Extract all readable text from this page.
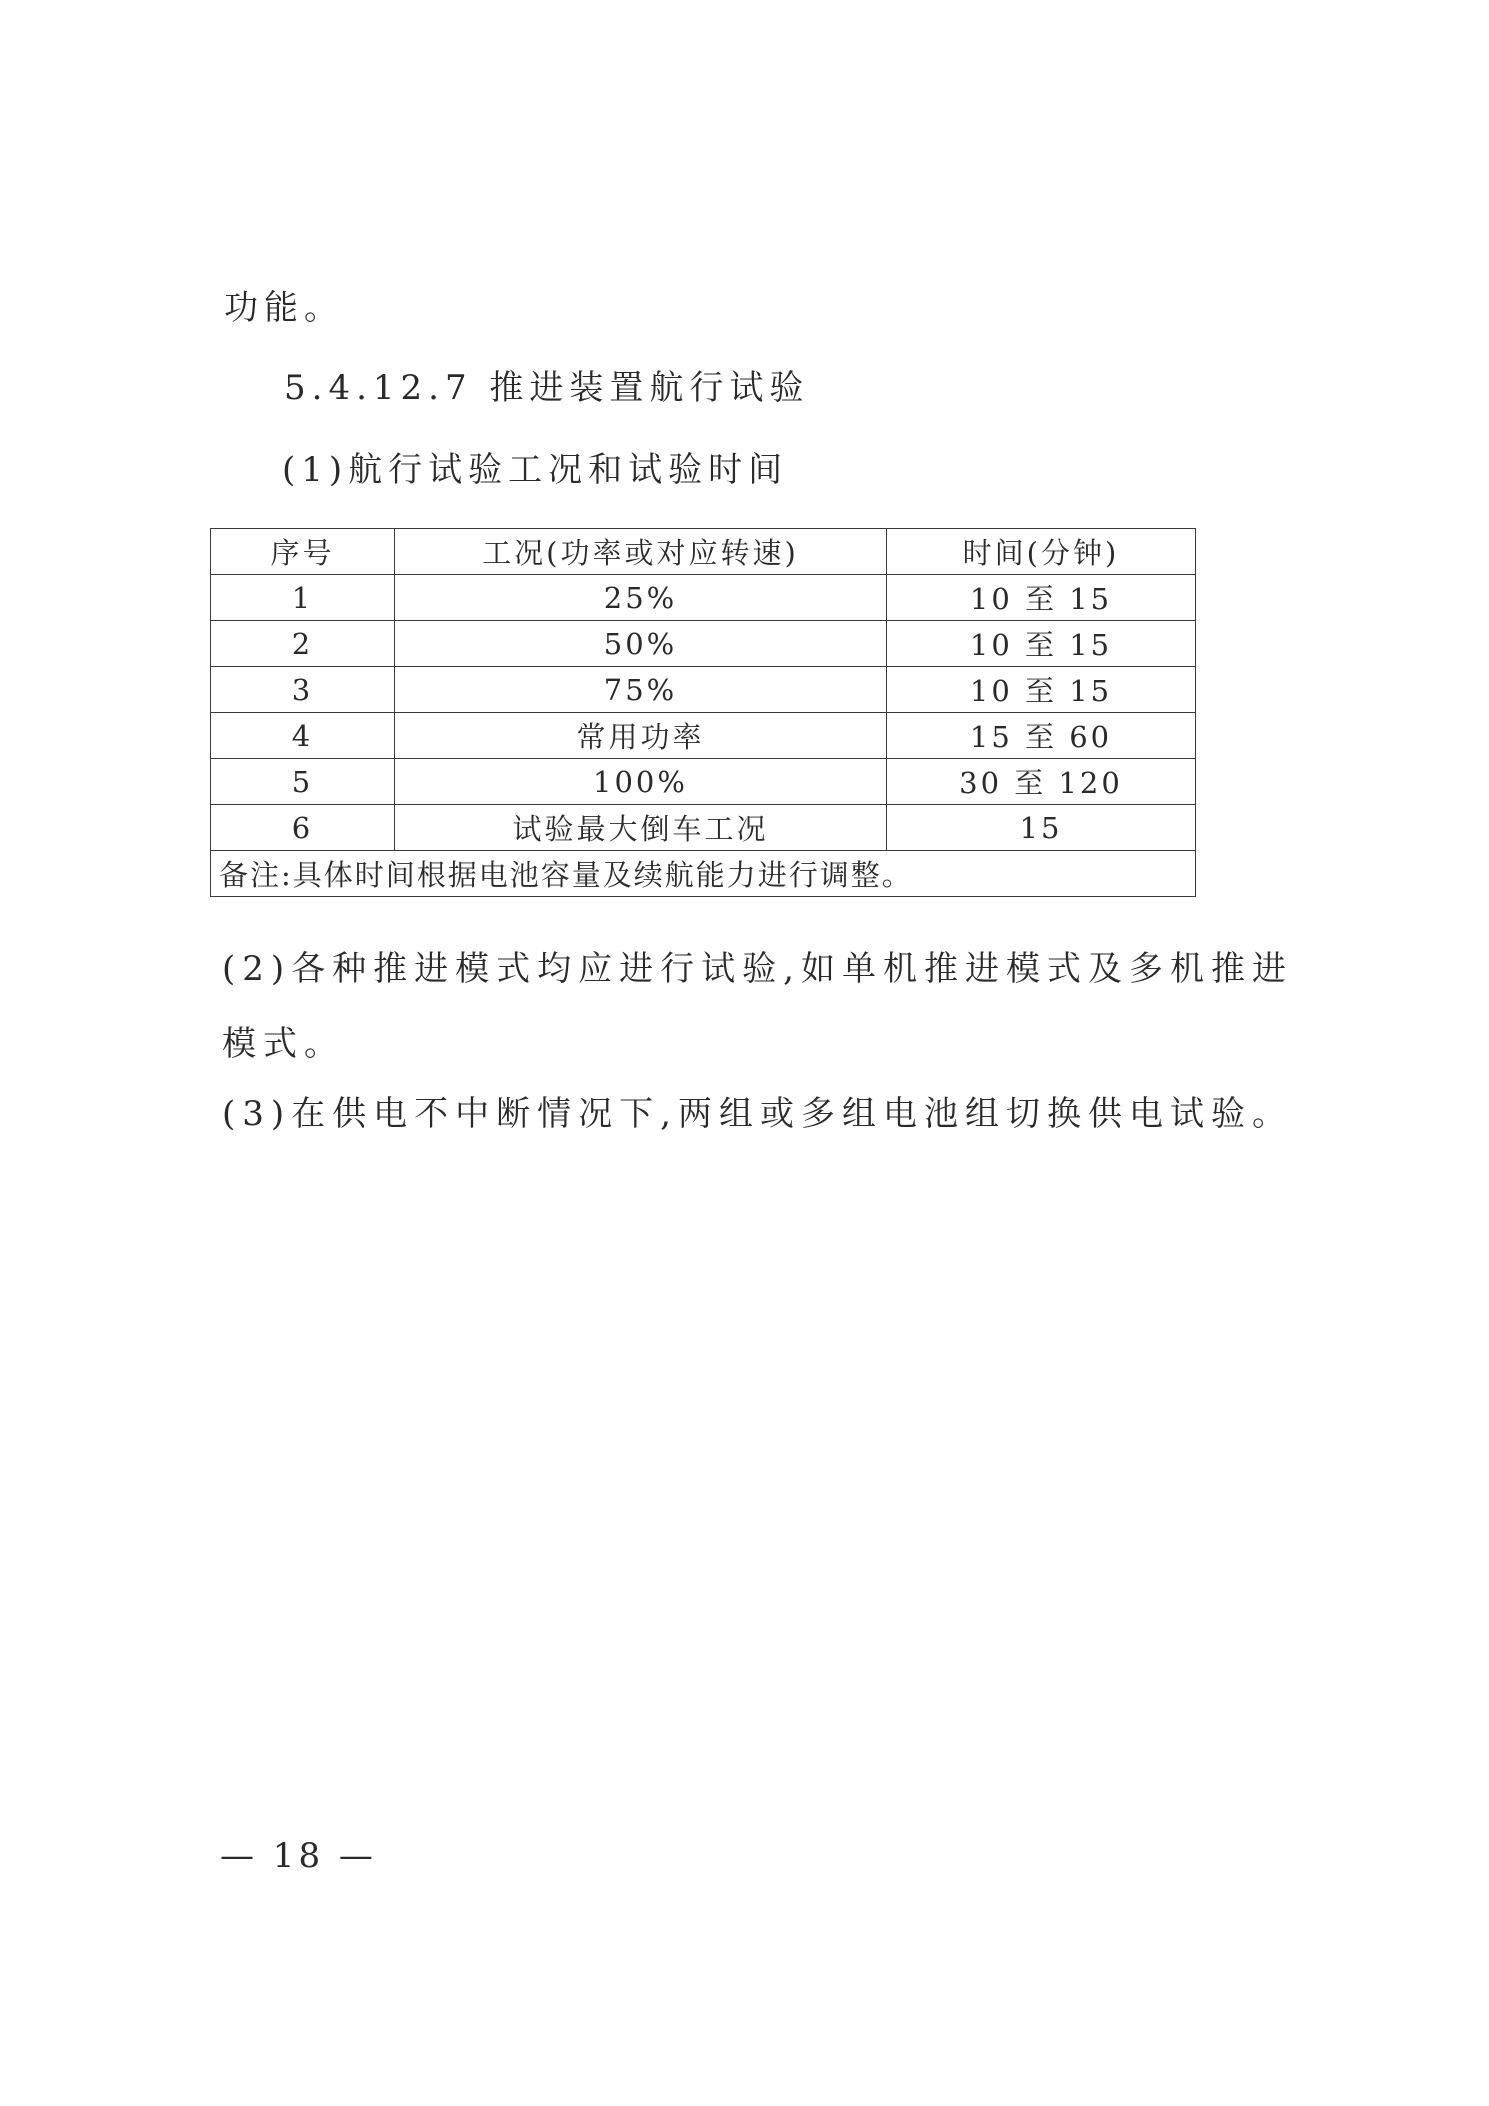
功能。
5.4.12.7 推进装置航行试验
(1)航行试验工况和试验时间
序号	工况(功率或对应转速)	时间(分钟)
1	25%	10 至 15
2	50%	10 至 15
3	75%	10 至 15
4	常用功率	15 至 60
5	100%	30 至 120
6	试验最大倒车工况	15
备注:具体时间根据电池容量及续航能力进行调整。		
(2)各种推进模式均应进行试验,如单机推进模式及多机推进
模式。
(3)在供电不中断情况下,两组或多组电池组切换供电试验。
— 18 —
